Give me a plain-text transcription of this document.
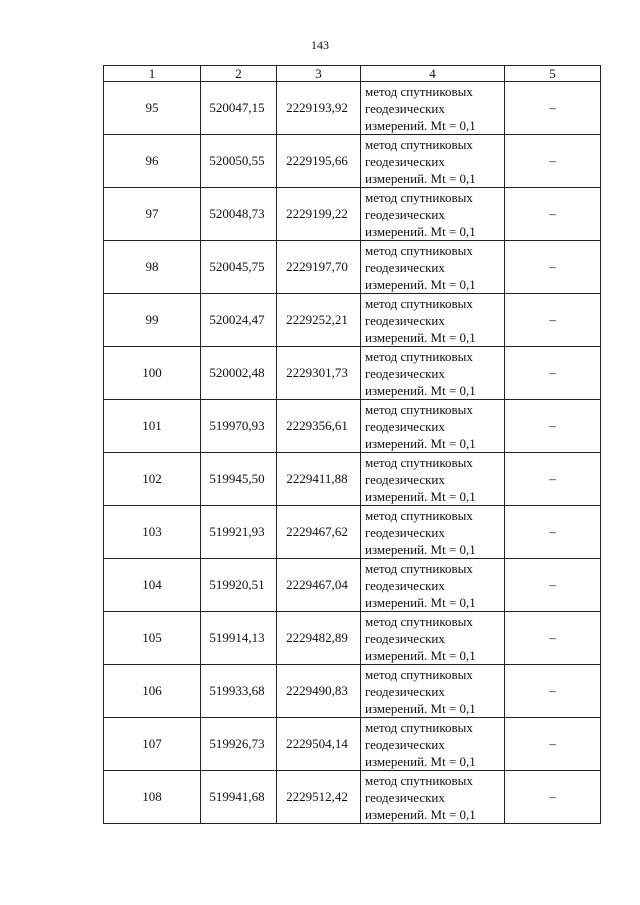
143
1	2	3	4	5
95	520047,15	2229193,92	метод спутниковых
геодезических
измерений. Mt = 0,1	–
96	520050,55	2229195,66	метод спутниковых
геодезических
измерений. Mt = 0,1	–
97	520048,73	2229199,22	метод спутниковых
геодезических
измерений. Mt = 0,1	–
98	520045,75	2229197,70	метод спутниковых
геодезических
измерений. Mt = 0,1	–
99	520024,47	2229252,21	метод спутниковых
геодезических
измерений. Mt = 0,1	–
100	520002,48	2229301,73	метод спутниковых
геодезических
измерений. Mt = 0,1	–
101	519970,93	2229356,61	метод спутниковых
геодезических
измерений. Mt = 0,1	–
102	519945,50	2229411,88	метод спутниковых
геодезических
измерений. Mt = 0,1	–
103	519921,93	2229467,62	метод спутниковых
геодезических
измерений. Mt = 0,1	–
104	519920,51	2229467,04	метод спутниковых
геодезических
измерений. Mt = 0,1	–
105	519914,13	2229482,89	метод спутниковых
геодезических
измерений. Mt = 0,1	–
106	519933,68	2229490,83	метод спутниковых
геодезических
измерений. Mt = 0,1	–
107	519926,73	2229504,14	метод спутниковых
геодезических
измерений. Mt = 0,1	–
108	519941,68	2229512,42	метод спутниковых
геодезических
измерений. Mt = 0,1	–
